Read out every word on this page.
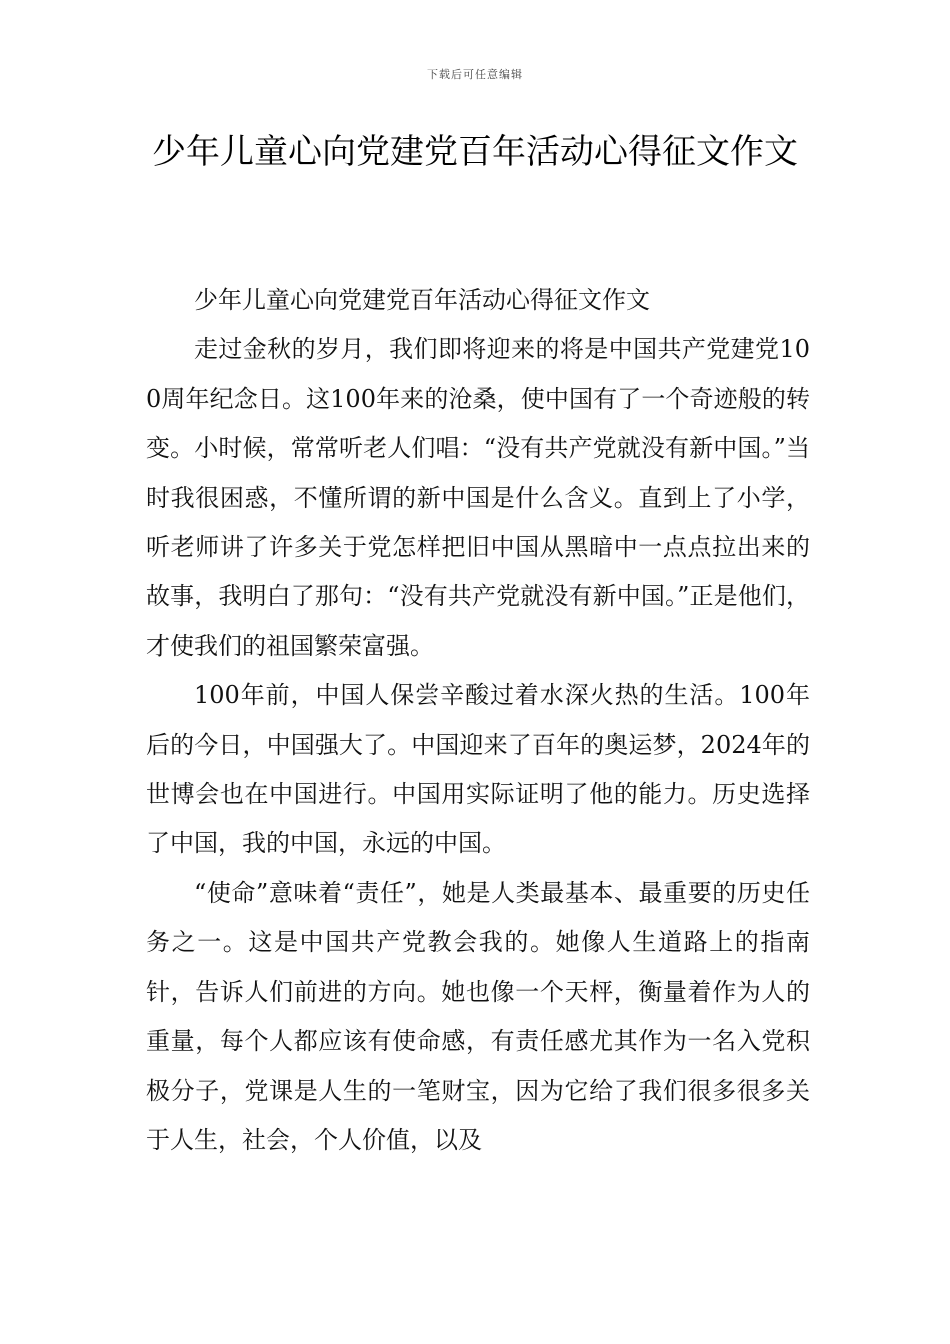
下载后可任意编辑
少年儿童心向党建党百年活动心得征文作文

少年儿童心向党建党百年活动心得征文作文

走过金秋的岁月，我们即将迎来的将是中国共产党建党100周年纪念日。这100年来的沧桑，使中国有了一个奇迹般的转变。小时候，常常听老人们唱：“没有共产党就没有新中国。”当时我很困惑，不懂所谓的新中国是什么含义。直到上了小学，听老师讲了许多关于党怎样把旧中国从黑暗中一点点拉出来的故事，我明白了那句：“没有共产党就没有新中国。”正是他们，才使我们的祖国繁荣富强。

100年前，中国人保尝辛酸过着水深火热的生活。100年后的今日，中国强大了。中国迎来了百年的奥运梦，2024年的世博会也在中国进行。中国用实际证明了他的能力。历史选择了中国，我的中国，永远的中国。

“使命”意味着“责任”，她是人类最基本、最重要的历史任务之一。这是中国共产党教会我的。她像人生道路上的指南针，告诉人们前进的方向。她也像一个天枰，衡量着作为人的重量，每个人都应该有使命感，有责任感尤其作为一名入党积极分子，党课是人生的一笔财宝，因为它给了我们很多很多关于人生，社会，个人价值，以及
